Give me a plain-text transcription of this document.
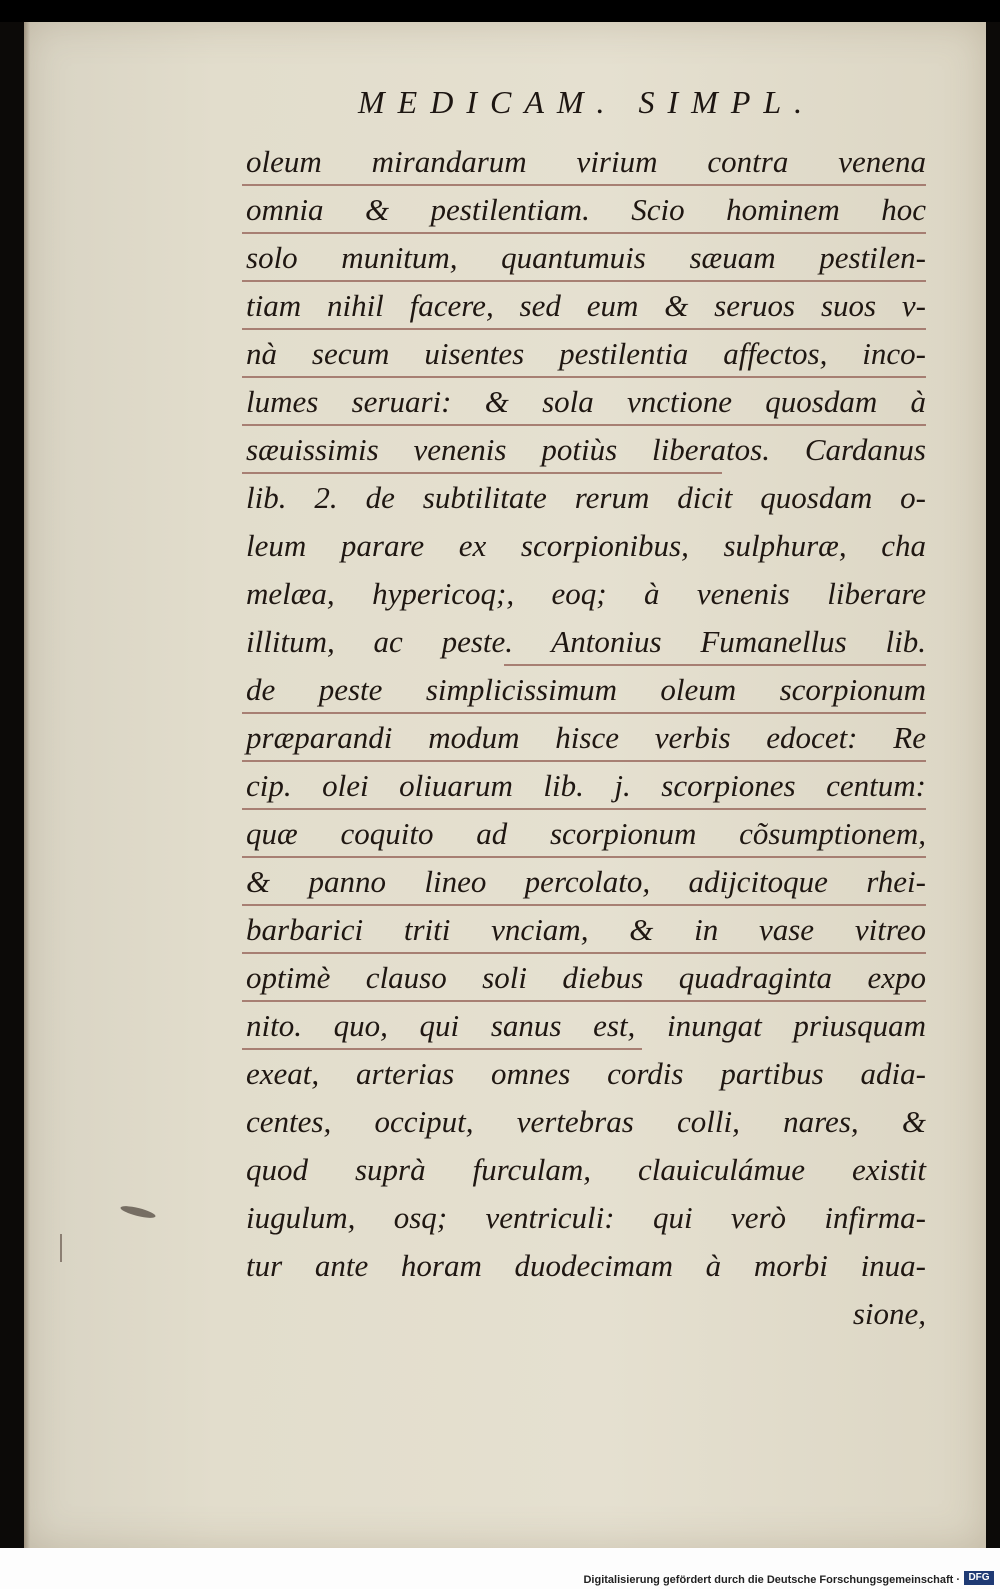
MEDICAM. SIMPL.
oleum mirandarum virium contra venena
omnia & pestilentiam. Scio hominem hoc
solo munitum, quantumuis sæuam pestilen-
tiam nihil facere, sed eum & seruos suos v-
nà secum uisentes pestilentia affectos, inco-
lumes seruari: & sola vnctione quosdam à
sæuissimis venenis potiùs liberatos. Cardanus
lib. 2. de subtilitate rerum dicit quosdam o-
leum parare ex scorpionibus, sulphuræ, cha
melæa, hypericoq;, eoq; à venenis liberare
illitum, ac peste. Antonius Fumanellus lib.
de peste simplicissimum oleum scorpionum
præparandi modum hisce verbis edocet: Re
cip. olei oliuarum lib. j. scorpiones centum:
quæ coquito ad scorpionum cõsumptionem,
& panno lineo percolato, adijcitoque rhei-
barbarici triti vnciam, & in vase vitreo
optimè clauso soli diebus quadraginta expo
nito. quo, qui sanus est, inungat priusquam
exeat, arterias omnes cordis partibus adia-
centes, occiput, vertebras colli, nares, &
quod suprà furculam, clauiculámue existit
iugulum, osq; ventriculi: qui verò infirma-
tur ante horam duodecimam à morbi inua-
sione,
Digitalisierung gefördert durch die Deutsche Forschungsgemeinschaft · DFG
